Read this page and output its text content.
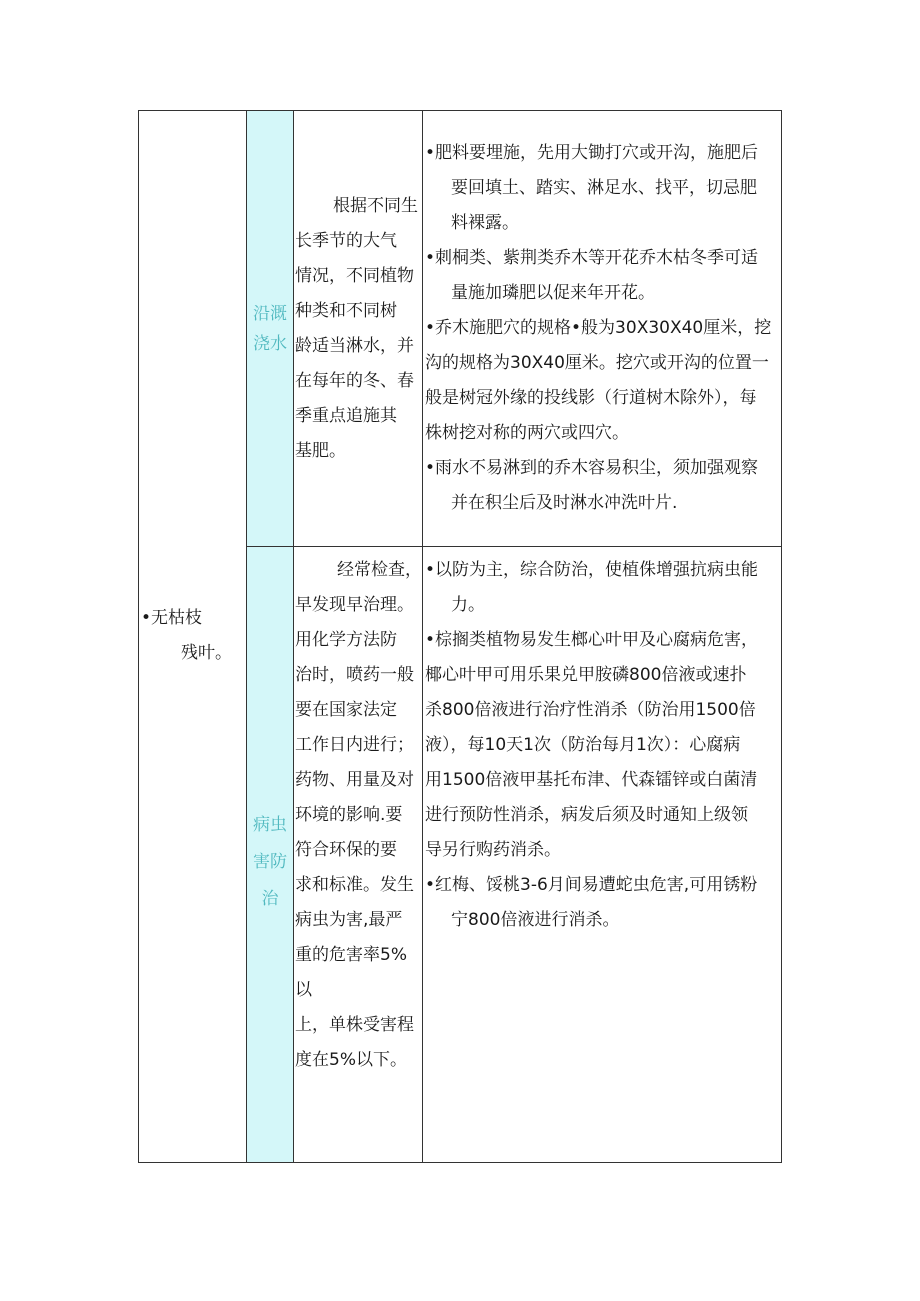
•无枯枝

残叶。

沿溉

浇水

根据不同生

长季节的大气

情况，不同植物

种类和不同树

龄适当淋水，并

在每年的冬、春

季重点追施其

基肥。

•肥料要埋施，先用大锄打穴或开沟，施肥后

要回填土、踏实、淋足水、找平，切忌肥

料裸露。

•刺桐类、紫荆类乔木等开花乔木枯冬季可适

量施加璘肥以促来年开花。

•乔木施肥穴的规格•般为30X30X40厘米，挖

沟的规格为30X40厘米。挖穴或开沟的位置一

般是树冠外缘的投线影（行道树木除外），每

株树挖对称的两穴或四穴。

•雨水不易淋到的乔木容易积尘，须加强观察

并在积尘后及时淋水冲洗叶片.

病虫

害防

治

经常检查，

早发现早治理。

用化学方法防

治时，喷药一般

要在国家法定

工作日内进行；

药物、用量及对

环境的影响.要

符合环保的要

求和标准。发生

病虫为害,最严

重的危害率5%以

上，单株受害程

度在5%以下。

•以防为主，综合防治，使植侏增强抗病虫能

力。

•棕搁类植物易发生榔心叶甲及心腐病危害，

椰心叶甲可用乐果兑甲胺磷800倍液或速扑

杀800倍液进行治疗性消杀（防治用1500倍

液），每10天1次（防治每月1次）：心腐病

用1500倍液甲基托布津、代森镭锌或白菌清

进行预防性消杀，病发后须及时通知上级领

导另行购药消杀。

•红梅、馁桃3-6月间易遭蛇虫危害,可用锈粉

宁800倍液进行消杀。
